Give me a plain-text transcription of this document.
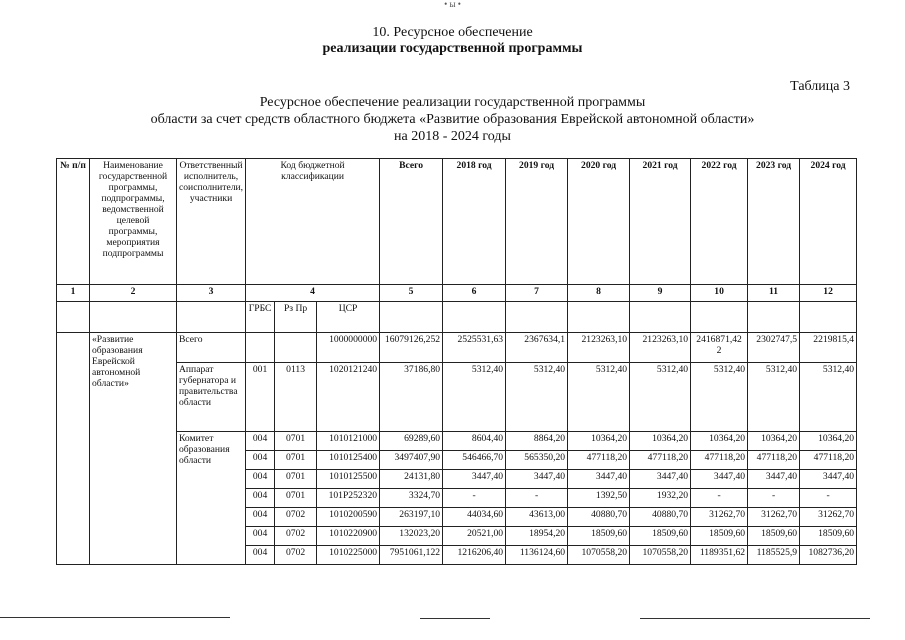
• ы •
10. Ресурсное обеспечение
реализации государственной программы
Таблица 3
Ресурсное обеспечение реализации государственной программы
области за счет средств областного бюджета «Развитие образования Еврейской автономной области»
на 2018 - 2024 годы
№ п/п	Наименование государственной программы, подпрограммы, ведомственной целевой программы, мероприятия подпрограммы	Ответственный исполнитель, соисполнители, участники	Код бюджетной классификации			Всего	2018 год	2019 год	2020 год	2021 год	2022 год	2023 год	2024 год
1	2	3	4			5	6	7	8	9	10	11	12
			ГРБС	Рз Пр	ЦСР								
	«Развитие образования Еврейской автономной области»	Всего			1000000000	16079126,252	2525531,63	2367634,1	2123263,10	2123263,10	2416871,42 2	2302747,5	2219815,4
		Аппарат губернатора и правительства области	001	0113	1020121240	37186,80	5312,40	5312,40	5312,40	5312,40	5312,40	5312,40	5312,40
		Комитет образования области	004	0701	1010121000	69289,60	8604,40	8864,20	10364,20	10364,20	10364,20	10364,20	10364,20
			004	0701	1010125400	3497407,90	546466,70	565350,20	477118,20	477118,20	477118,20	477118,20	477118,20
			004	0701	1010125500	24131,80	3447,40	3447,40	3447,40	3447,40	3447,40	3447,40	3447,40
			004	0701	101P252320	3324,70	-	-	1392,50	1932,20	-	-	-
			004	0702	1010200590	263197,10	44034,60	43613,00	40880,70	40880,70	31262,70	31262,70	31262,70
			004	0702	1010220900	132023,20	20521,00	18954,20	18509,60	18509,60	18509,60	18509,60	18509,60
			004	0702	1010225000	7951061,122	1216206,40	1136124,60	1070558,20	1070558,20	1189351,62	1185525,9	1082736,20
